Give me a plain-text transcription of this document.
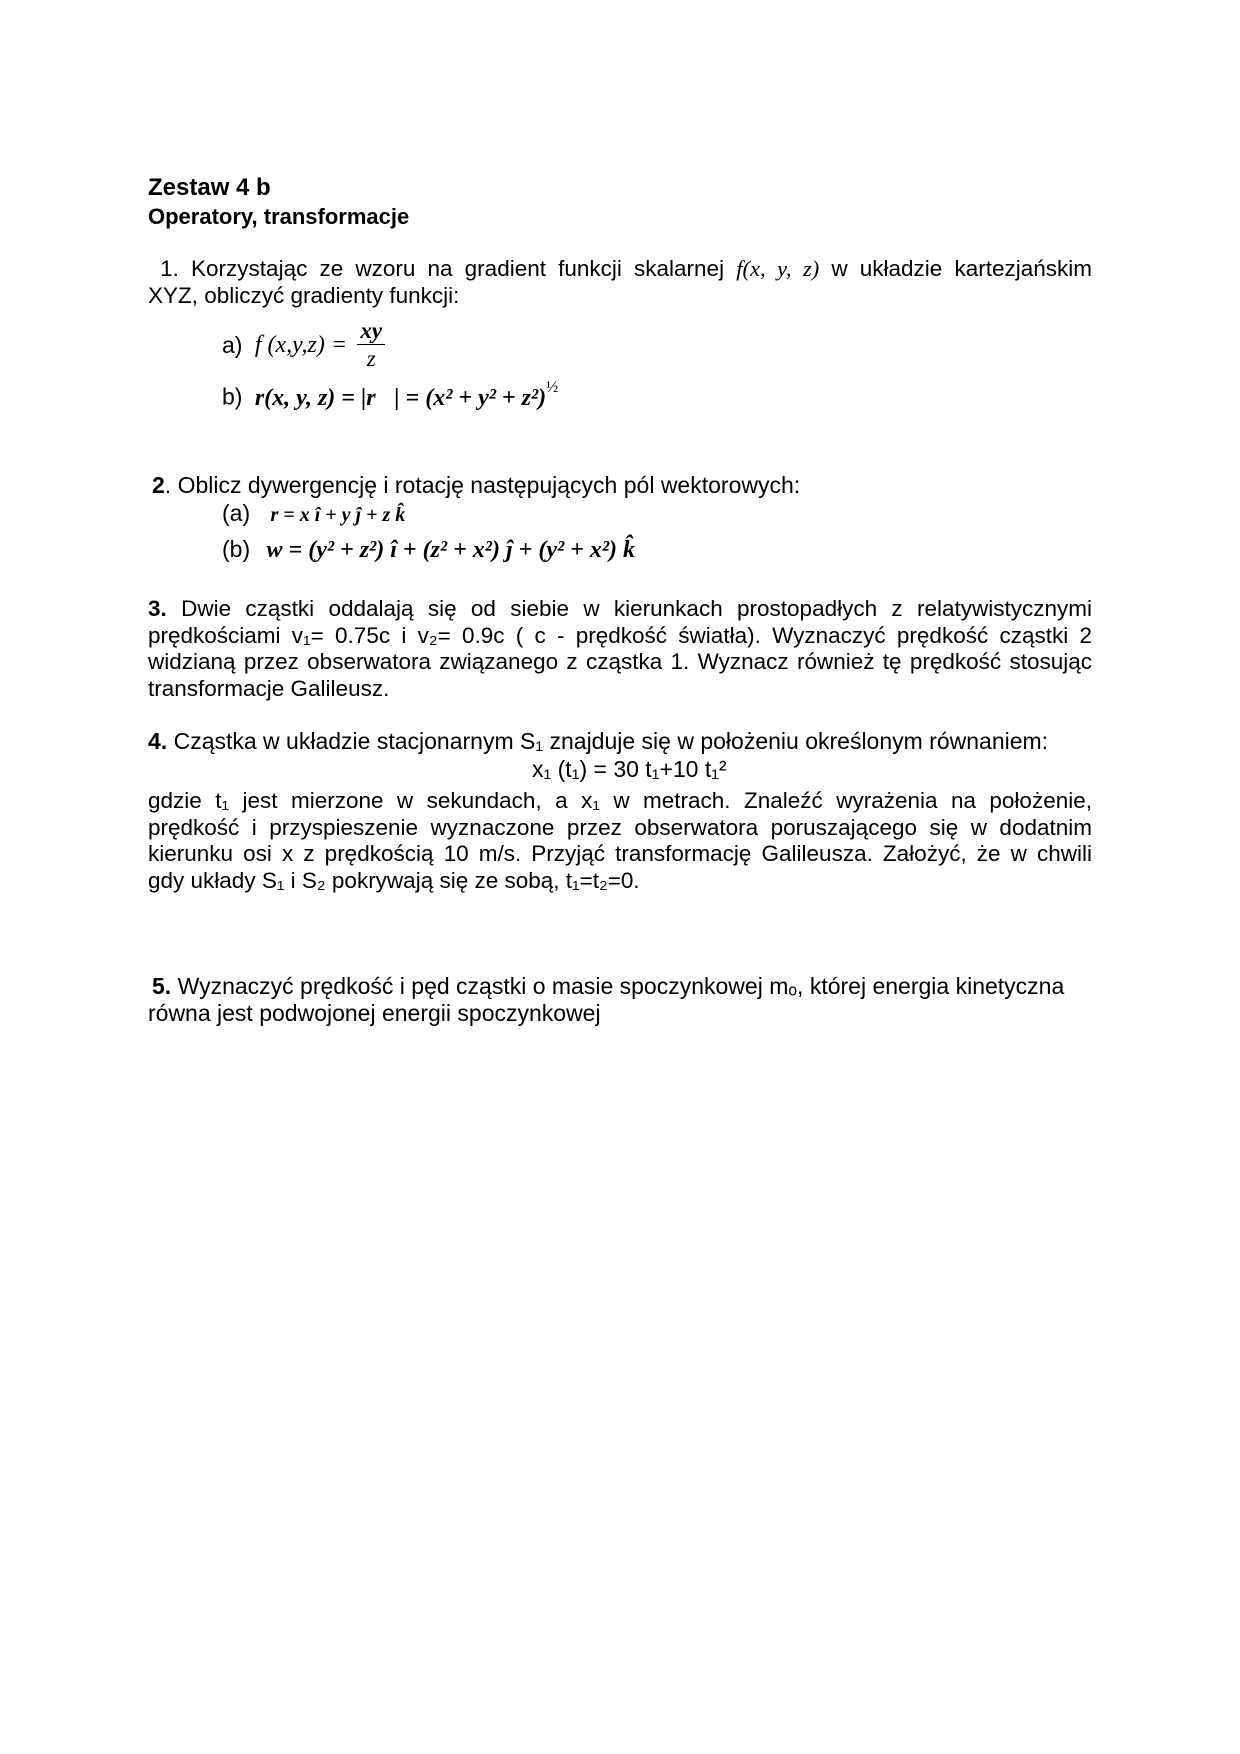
Zestaw 4 b
Operatory, transformacje
1. Korzystając ze wzoru na gradient funkcji skalarnej f(x, y, z) w układzie kartezjańskim
XYZ, obliczyć gradienty funkcji:
a) f $(x,y,z) = \frac{xy}{z}$
b) r(x, y, z) = |r⃗| = $(x^2 + y^2 + z^2)^{\frac{1}{2}}$
2. Oblicz dywergencję i rotację następujących pól wektorowych:
(a) r = x î + y ĵ + z k̂
(b) w = (y² + z²) î + (z² + x²) ĵ + (y² + x²) k̂
3. Dwie cząstki oddalają się od siebie w kierunkach prostopadłych z relatywistycznymi
prędkościami v₁= 0.75c i v₂= 0.9c ( c - prędkość światła). Wyznaczyć prędkość cząstki 2
widzianą przez obserwatora związanego z cząstka 1. Wyznacz również tę prędkość stosując
transformacje Galileusz.
4. Cząstka w układzie stacjonarnym S₁ znajduje się w położeniu określonym równaniem:
x₁ (t₁) = 30 t₁+10 t₁²
gdzie t₁ jest mierzone w sekundach, a x₁ w metrach. Znaleźć wyrażenia na położenie,
prędkość i przyspieszenie wyznaczone przez obserwatora poruszającego się w dodatnim
kierunku osi x z prędkością 10 m/s. Przyjąć transformację Galileusza. Założyć, że w chwili
gdy układy S₁ i S₂ pokrywają się ze sobą, t₁=t₂=0.
5. Wyznaczyć prędkość i pęd cząstki o masie spoczynkowej mₒ, której energia kinetyczna
równa jest podwojonej energii spoczynkowej
